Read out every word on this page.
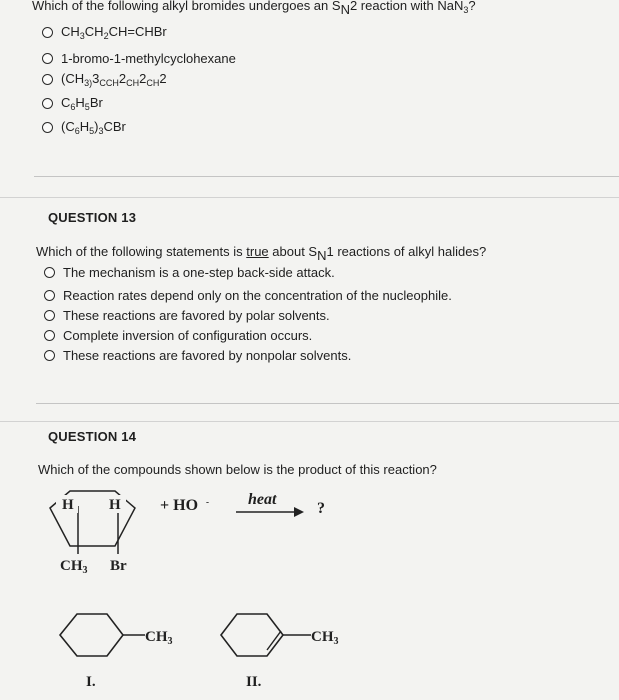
Which of the following alkyl bromides undergoes an SN2 reaction with NaN$_3$?
$CH_3CH_2CH=CHBr$
1-bromo-1-methylcyclohexane
($CH_{3)}3_{CCH}2_{CH}2_{CH}2$
$C_6H_5Br$
$(C_6H_5)_3CBr$
QUESTION 13
Which of the following statements is true about SN1 reactions of alkyl halides?
The mechanism is a one-step back-side attack.
Reaction rates depend only on the concentration of the nucleophile.
These reactions are favored by polar solvents.
Complete inversion of configuration occurs.
These reactions are favored by nonpolar solvents.
QUESTION 14
Which of the compounds shown below is the product of this reaction?
H H
$CH_3$ Br
+ HO - heat
?
$CH_3$
I.
$CH_3$
II.
